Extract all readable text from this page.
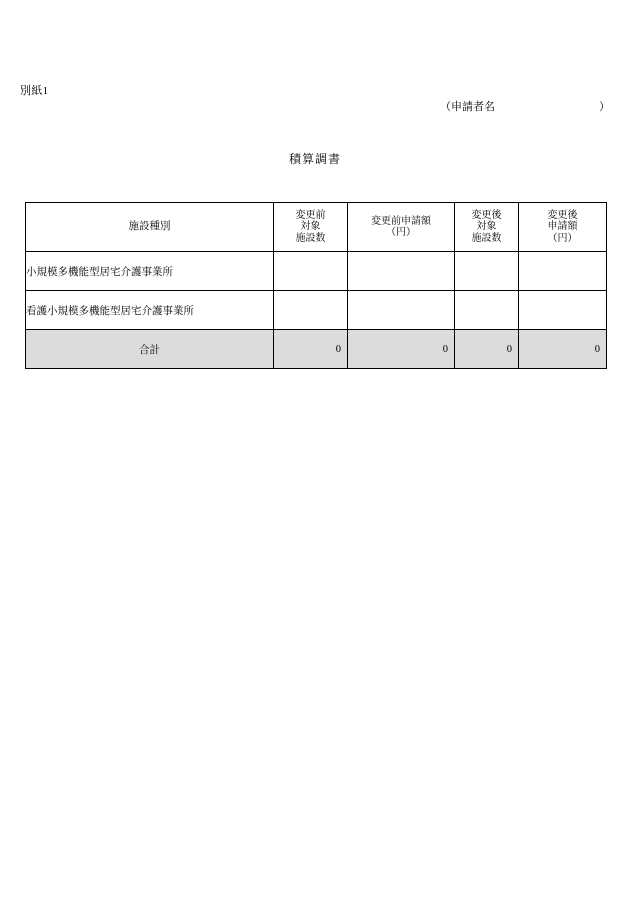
別紙1
（申請者名	）
積算調書
施設種別	変更前
対象
施設数	変更前申請額
（円）	変更後
対象
施設数	変更後
申請額
（円）

小規模多機能型居宅介護事業所				
看護小規模多機能型居宅介護事業所				
合計	0	0	0	0
